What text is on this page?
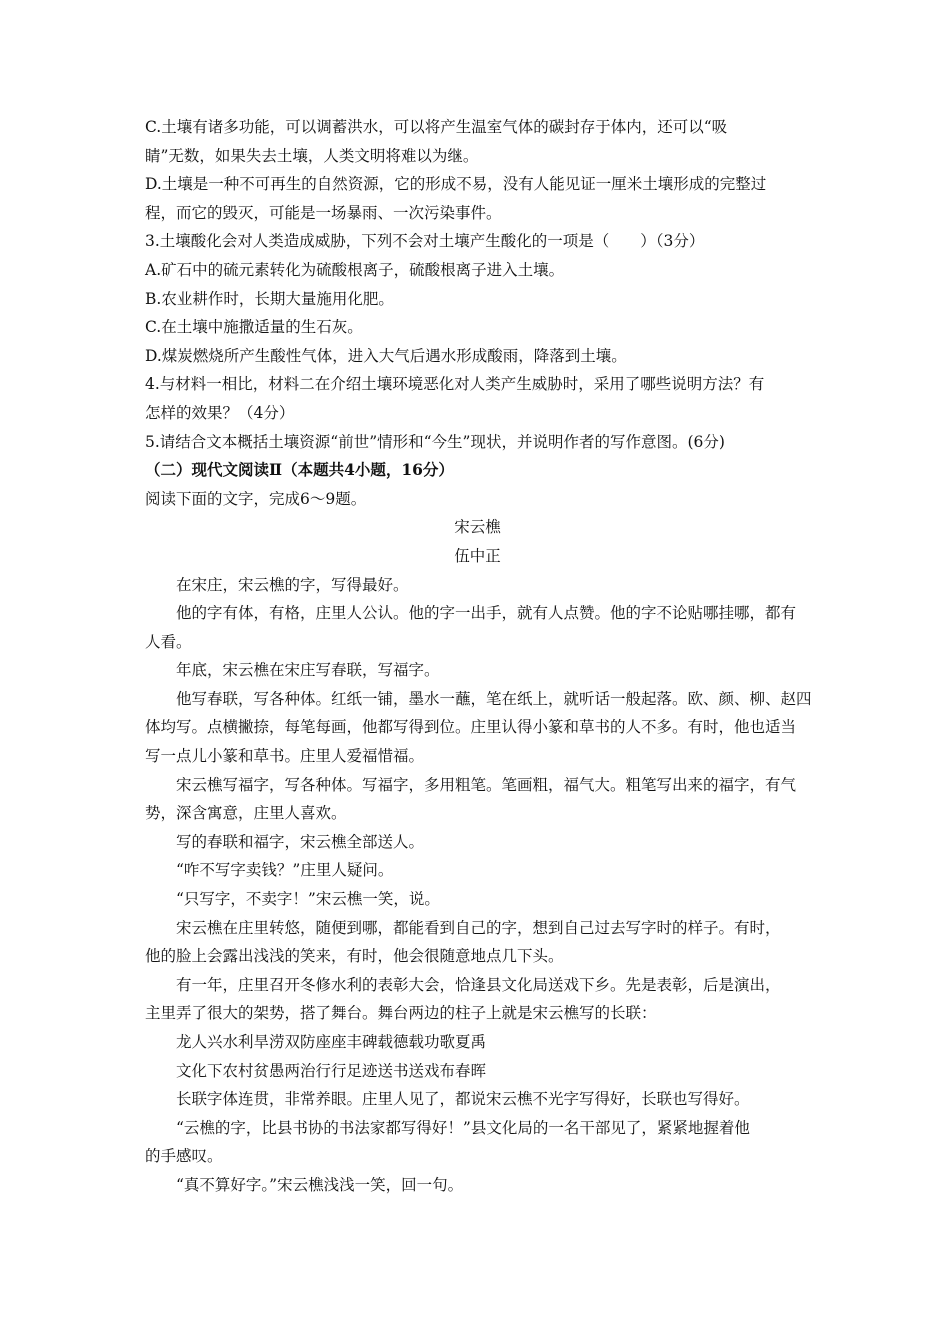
C.土壤有诸多功能，可以调蓄洪水，可以将产生温室气体的碳封存于体内，还可以“吸

睛”无数，如果失去土壤，人类文明将难以为继。

D.土壤是一种不可再生的自然资源，它的形成不易，没有人能见证一厘米土壤形成的完整过

程，而它的毁灭，可能是一场暴雨、一次污染事件。

3.土壤酸化会对人类造成威胁，下列不会对土壤产生酸化的一项是（　　）（3分）

A.矿石中的硫元素转化为硫酸根离子，硫酸根离子进入土壤。

B.农业耕作时，长期大量施用化肥。

C.在土壤中施撒适量的生石灰。

D.煤炭燃烧所产生酸性气体，进入大气后遇水形成酸雨，降落到土壤。

4.与材料一相比，材料二在介绍土壤环境恶化对人类产生威胁时，采用了哪些说明方法？有

怎样的效果？（4分）

5.请结合文本概括土壤资源“前世”情形和“今生”现状，并说明作者的写作意图。(6分)

（二）现代文阅读Ⅱ（本题共4小题，16分）

阅读下面的文字，完成6～9题。

宋云樵

伍中正

在宋庄，宋云樵的字，写得最好。

他的字有体，有格，庄里人公认。他的字一出手，就有人点赞。他的字不论贴哪挂哪，都有

人看。

年底，宋云樵在宋庄写春联，写福字。

他写春联，写各种体。红纸一铺，墨水一蘸，笔在纸上，就听话一般起落。欧、颜、柳、赵四

体均写。点横撇捺，每笔每画，他都写得到位。庄里认得小篆和草书的人不多。有时，他也适当

写一点儿小篆和草书。庄里人爱福惜福。

宋云樵写福字，写各种体。写福字，多用粗笔。笔画粗，福气大。粗笔写出来的福字，有气

势，深含寓意，庄里人喜欢。

写的春联和福字，宋云樵全部送人。

“咋不写字卖钱？”庄里人疑问。

“只写字，不卖字！”宋云樵一笑，说。

宋云樵在庄里转悠，随便到哪，都能看到自己的字，想到自己过去写字时的样子。有时，

他的脸上会露出浅浅的笑来，有时，他会很随意地点几下头。

有一年，庄里召开冬修水利的表彰大会，恰逢县文化局送戏下乡。先是表彰，后是演出，

主里弄了很大的架势，搭了舞台。舞台两边的柱子上就是宋云樵写的长联：

龙人兴水利旱涝双防座座丰碑载德载功歌夏禹

文化下农村贫愚两治行行足迹送书送戏布春晖

长联字体连贯，非常养眼。庄里人见了，都说宋云樵不光字写得好，长联也写得好。

“云樵的字，比县书协的书法家都写得好！”县文化局的一名干部见了，紧紧地握着他

的手感叹。

“真不算好字。”宋云樵浅浅一笑，回一句。
